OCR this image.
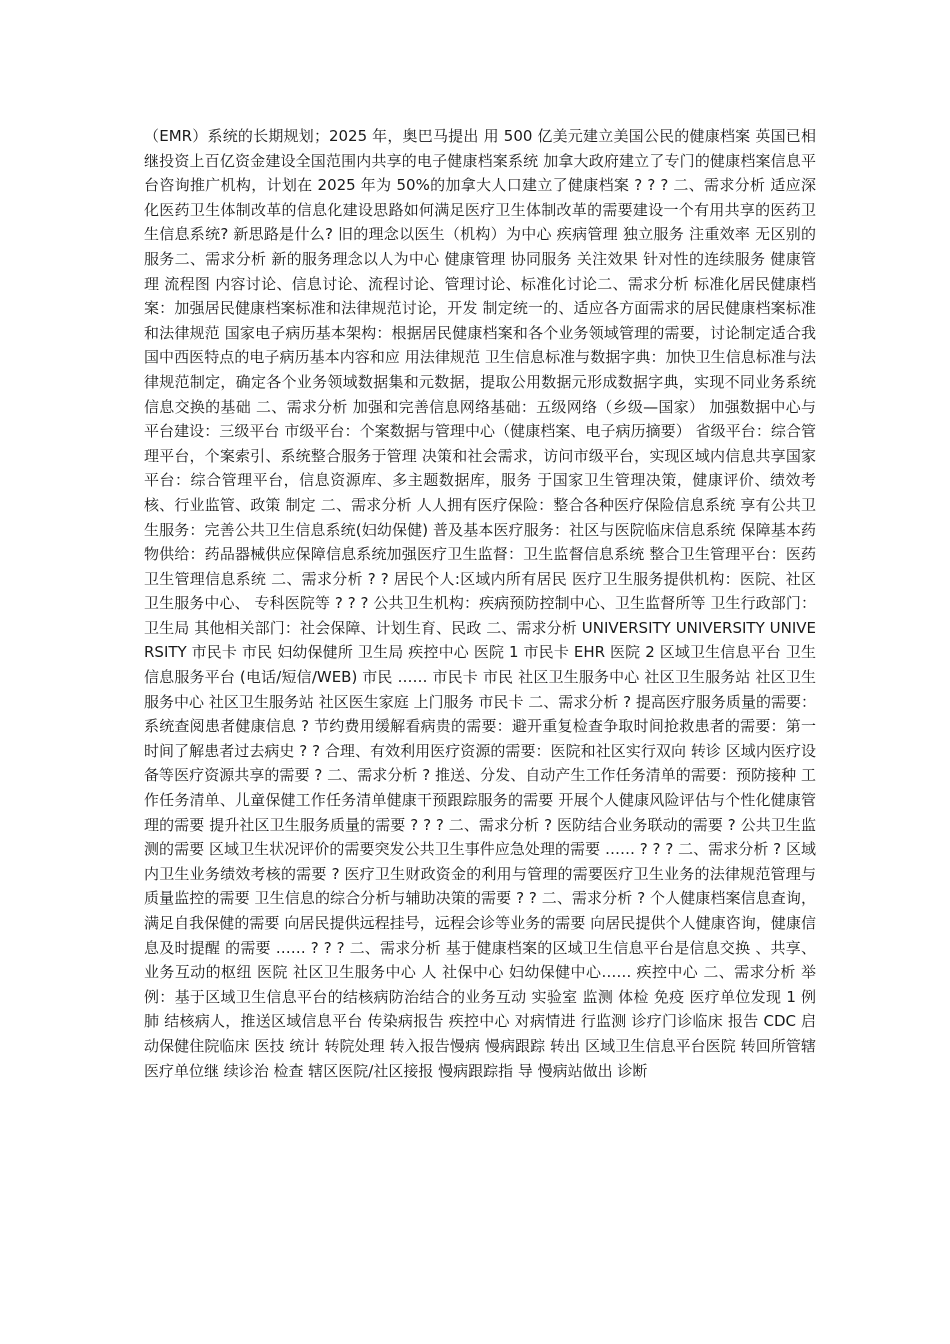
（EMR）系统的长期规划；2025 年，奥巴马提出 用 500 亿美元建立美国公民的健康档案 英国已相继投资上百亿资金建设全国范围内共享的电子健康档案系统 加拿大政府建立了专门的健康档案信息平台咨询推广机构，计划在 2025 年为 50%的加拿大人口建立了健康档案 ? ? ? 二、需求分析 适应深化医药卫生体制改革的信息化建设思路如何满足医疗卫生体制改革的需要建设一个有用共享的医药卫生信息系统? 新思路是什么? 旧的理念以医生（机构）为中心 疾病管理 独立服务 注重效率 无区别的服务二、需求分析 新的服务理念以人为中心 健康管理 协同服务 关注效果 针对性的连续服务 健康管理 流程图 内容讨论、信息讨论、流程讨论、管理讨论、标准化讨论二、需求分析 标准化居民健康档案：加强居民健康档案标准和法律规范讨论，开发 制定统一的、适应各方面需求的居民健康档案标准和法律规范 国家电子病历基本架构：根据居民健康档案和各个业务领域管理的需要，讨论制定适合我国中西医特点的电子病历基本内容和应 用法律规范 卫生信息标准与数据字典：加快卫生信息标准与法律规范制定，确定各个业务领域数据集和元数据，提取公用数据元形成数据字典，实现不同业务系统信息交换的基础 二、需求分析 加强和完善信息网络基础：五级网络（乡级—国家） 加强数据中心与平台建设：三级平台 市级平台：个案数据与管理中心（健康档案、电子病历摘要） 省级平台：综合管理平台，个案索引、系统整合服务于管理 决策和社会需求，访问市级平台，实现区域内信息共享国家平台：综合管理平台，信息资源库、多主题数据库，服务 于国家卫生管理决策，健康评价、绩效考核、行业监管、政策 制定 二、需求分析 人人拥有医疗保险：整合各种医疗保险信息系统 享有公共卫生服务：完善公共卫生信息系统(妇幼保健) 普及基本医疗服务：社区与医院临床信息系统 保障基本药物供给：药品器械供应保障信息系统加强医疗卫生监督：卫生监督信息系统 整合卫生管理平台：医药卫生管理信息系统 二、需求分析 ? ? 居民个人:区域内所有居民 医疗卫生服务提供机构：医院、社区卫生服务中心、 专科医院等 ? ? ? 公共卫生机构：疾病预防控制中心、卫生监督所等 卫生行政部门：卫生局 其他相关部门：社会保障、计划生育、民政 二、需求分析 UNIVERSITY UNIVERSITY UNIVERSITY 市民卡 市民 妇幼保健所 卫生局 疾控中心 医院 1 市民卡 EHR 医院 2 区域卫生信息平台 卫生信息服务平台 (电话/短信/WEB) 市民 …… 市民卡 市民 社区卫生服务中心 社区卫生服务站 社区卫生服务中心 社区卫生服务站 社区医生家庭 上门服务 市民卡 二、需求分析 ? 提高医疗服务质量的需要：系统查阅患者健康信息 ? 节约费用缓解看病贵的需要：避开重复检查争取时间抢救患者的需要：第一时间了解患者过去病史 ? ? 合理、有效利用医疗资源的需要：医院和社区实行双向 转诊 区域内医疗设备等医疗资源共享的需要 ? 二、需求分析 ? 推送、分发、自动产生工作任务清单的需要：预防接种 工作任务清单、儿童保健工作任务清单健康干预跟踪服务的需要 开展个人健康风险评估与个性化健康管理的需要 提升社区卫生服务质量的需要 ? ? ? 二、需求分析 ? 医防结合业务联动的需要 ? 公共卫生监测的需要 区域卫生状况评价的需要突发公共卫生事件应急处理的需要 …… ? ? ? 二、需求分析 ? 区域内卫生业务绩效考核的需要 ? 医疗卫生财政资金的利用与管理的需要医疗卫生业务的法律规范管理与质量监控的需要 卫生信息的综合分析与辅助决策的需要 ? ? 二、需求分析 ? 个人健康档案信息查询，满足自我保健的需要 向居民提供远程挂号，远程会诊等业务的需要 向居民提供个人健康咨询，健康信息及时提醒 的需要 …… ? ? ? 二、需求分析 基于健康档案的区域卫生信息平台是信息交换 、共享、业务互动的枢纽 医院 社区卫生服务中心 人 社保中心 妇幼保健中心…… 疾控中心 二、需求分析 举例：基于区域卫生信息平台的结核病防治结合的业务互动 实验室 监测 体检 免疫 医疗单位发现 1 例肺 结核病人，推送区域信息平台 传染病报告 疾控中心 对病情进 行监测 诊疗门诊临床 报告 CDC 启动保健住院临床 医技 统计 转院处理 转入报告慢病 慢病跟踪 转出 区域卫生信息平台医院 转回所管辖 医疗单位继 续诊治 检查 辖区医院/社区接报 慢病跟踪指 导 慢病站做出 诊断
